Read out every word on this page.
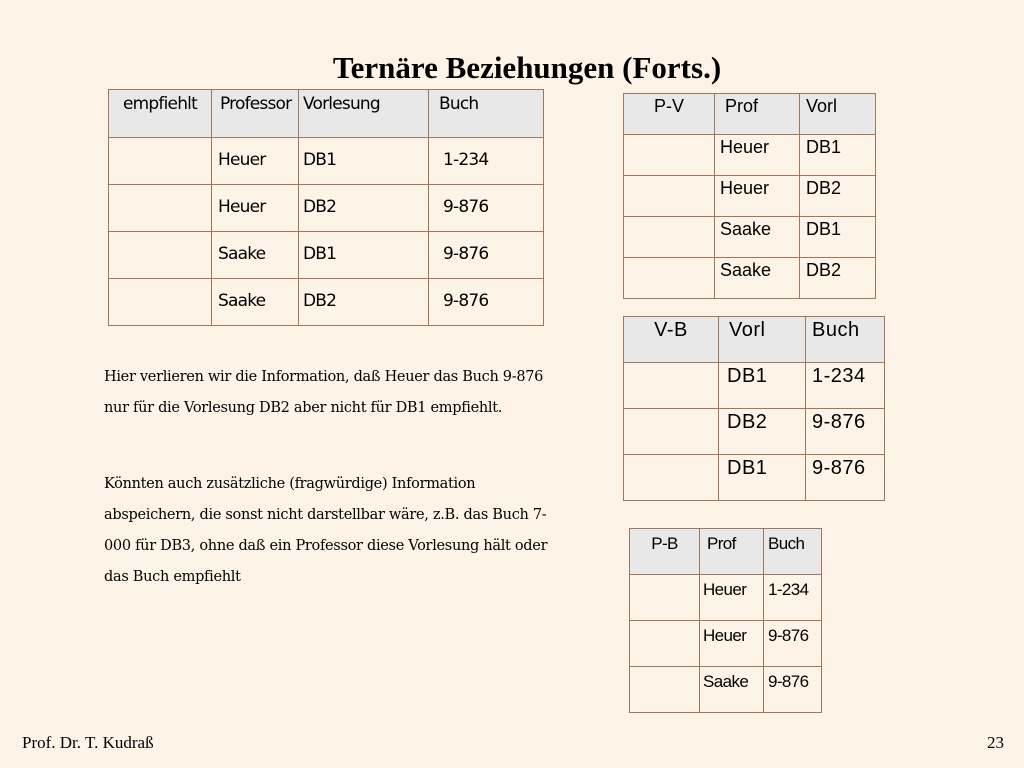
Ternäre Beziehungen (Forts.)
empfiehlt	Professor	Vorlesung	Buch

	Heuer	DB1	1-234

	Heuer	DB2	9-876

	Saake	DB1	9-876

	Saake	DB2	9-876
P-V	Prof	Vorl

	Heuer	DB1

	Heuer	DB2

	Saake	DB1

	Saake	DB2
V-B	Vorl	Buch

	DB1	1-234

	DB2	9-876

	DB1	9-876
P-B	Prof	Buch

	Heuer	1-234

	Heuer	9-876

	Saake	9-876
Hier verlieren wir die Information, daß Heuer das Buch 9-876 nur für die Vorlesung DB2 aber nicht für DB1 empfiehlt.
Könnten auch zusätzliche (fragwürdige) Information abspeichern, die sonst nicht darstellbar wäre, z.B. das Buch 7-000 für DB3, ohne daß ein Professor diese Vorlesung hält oder das Buch empfiehlt
Prof. Dr. T. Kudraß	23
